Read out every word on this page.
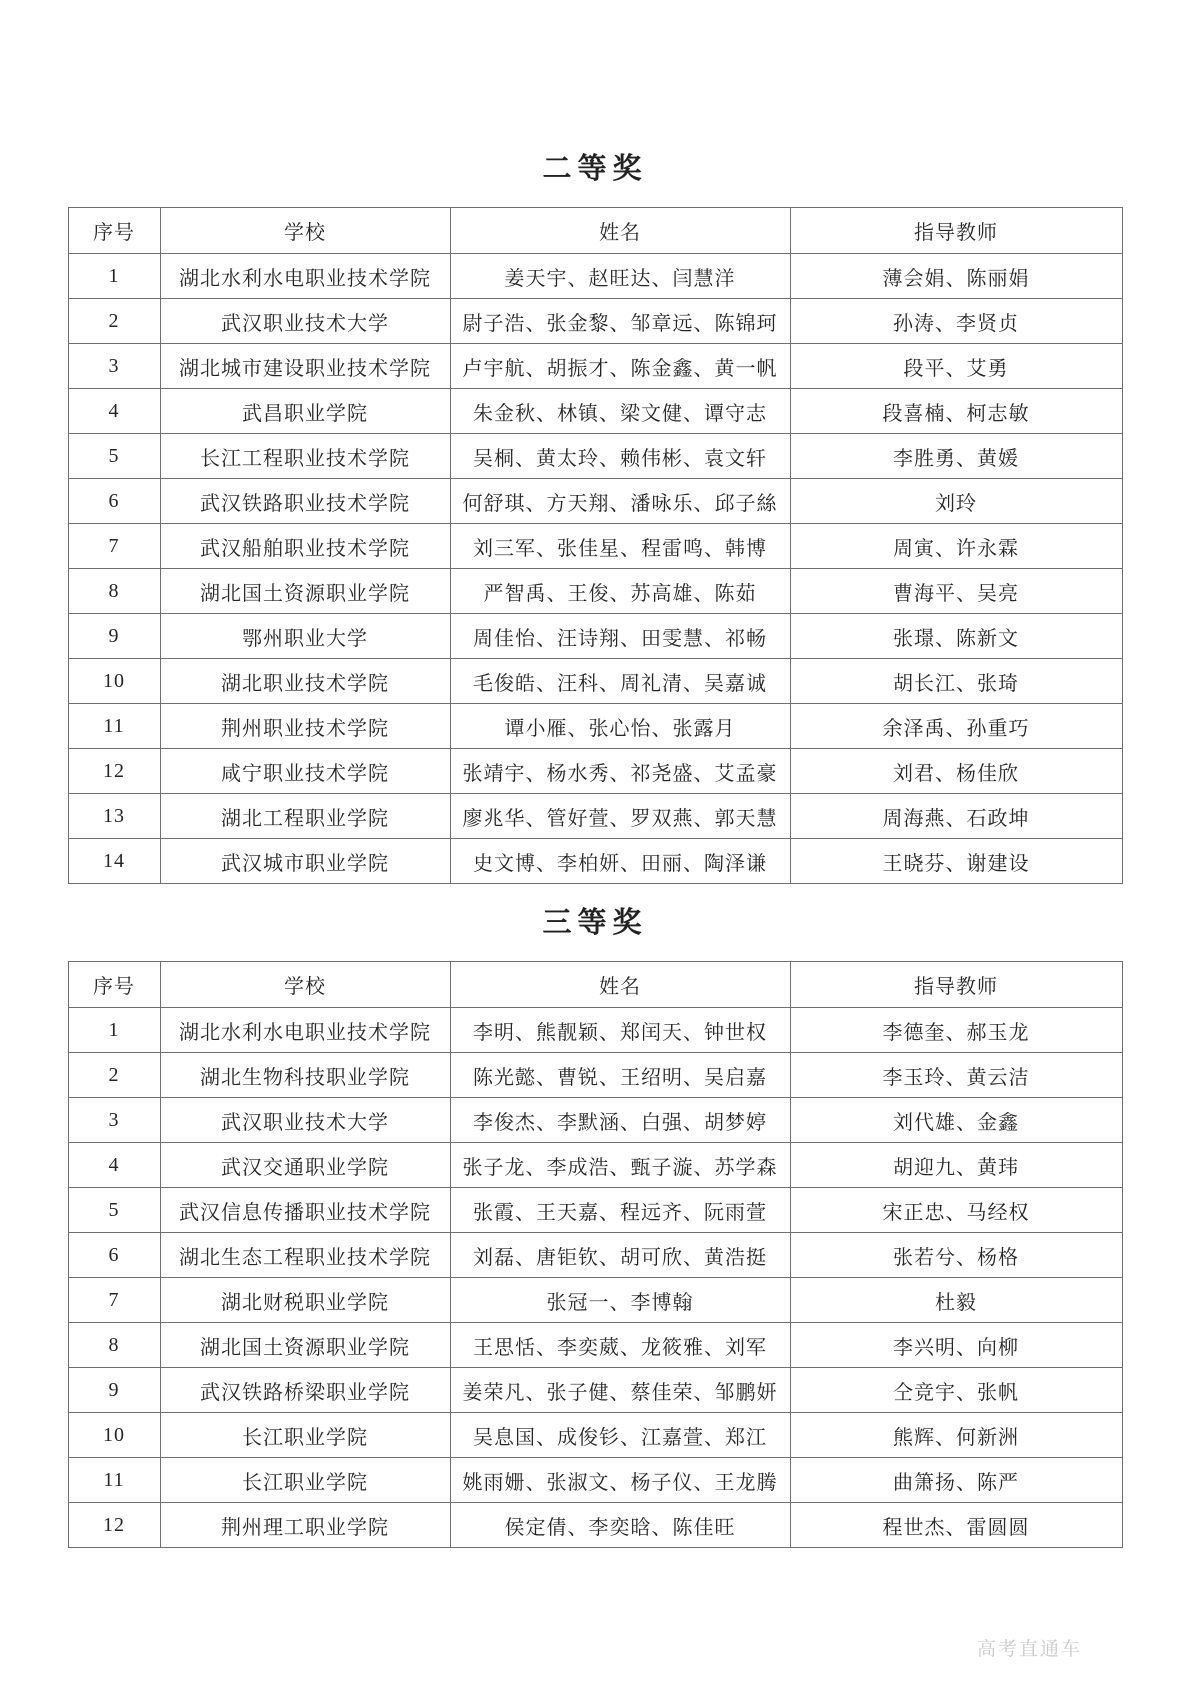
二等奖
序号	学校	姓名	指导教师
1	湖北水利水电职业技术学院	姜天宇、赵旺达、闫慧洋	薄会娟、陈丽娟
2	武汉职业技术大学	尉子浩、张金黎、邹章远、陈锦珂	孙涛、李贤贞
3	湖北城市建设职业技术学院	卢宇航、胡振才、陈金鑫、黄一帆	段平、艾勇
4	武昌职业学院	朱金秋、林镇、梁文健、谭守志	段喜楠、柯志敏
5	长江工程职业技术学院	吴桐、黄太玲、赖伟彬、袁文轩	李胜勇、黄媛
6	武汉铁路职业技术学院	何舒琪、方天翔、潘咏乐、邱子絲	刘玲
7	武汉船舶职业技术学院	刘三军、张佳星、程雷鸣、韩博	周寅、许永霖
8	湖北国土资源职业学院	严智禹、王俊、苏高雄、陈茹	曹海平、吴亮
9	鄂州职业大学	周佳怡、汪诗翔、田雯慧、祁畅	张璟、陈新文
10	湖北职业技术学院	毛俊皓、汪科、周礼清、吴嘉诚	胡长江、张琦
11	荆州职业技术学院	谭小雁、张心怡、张露月	余泽禹、孙重巧
12	咸宁职业技术学院	张靖宇、杨水秀、祁尧盛、艾孟豪	刘君、杨佳欣
13	湖北工程职业学院	廖兆华、管好萱、罗双燕、郭天慧	周海燕、石政坤
14	武汉城市职业学院	史文博、李柏妍、田丽、陶泽谦	王晓芬、谢建设
三等奖
序号	学校	姓名	指导教师
1	湖北水利水电职业技术学院	李明、熊靓颖、郑闰天、钟世权	李德奎、郝玉龙
2	湖北生物科技职业学院	陈光懿、曹锐、王绍明、吴启嘉	李玉玲、黄云洁
3	武汉职业技术大学	李俊杰、李默涵、白强、胡梦婷	刘代雄、金鑫
4	武汉交通职业学院	张子龙、李成浩、甄子漩、苏学森	胡迎九、黄玮
5	武汉信息传播职业技术学院	张霞、王天嘉、程远齐、阮雨萱	宋正忠、马经权
6	湖北生态工程职业技术学院	刘磊、唐钜钦、胡可欣、黄浩挺	张若兮、杨格
7	湖北财税职业学院	张冠一、李博翰	杜毅
8	湖北国土资源职业学院	王思恬、李奕葳、龙筱雅、刘军	李兴明、向柳
9	武汉铁路桥梁职业学院	姜荣凡、张子健、蔡佳荣、邹鹏妍	仝竞宇、张帆
10	长江职业学院	吴息国、成俊钐、江嘉萱、郑江	熊辉、何新洲
11	长江职业学院	姚雨姗、张淑文、杨子仪、王龙腾	曲箫扬、陈严
12	荆州理工职业学院	侯定倩、李奕晗、陈佳旺	程世杰、雷圆圆
高考直通车
